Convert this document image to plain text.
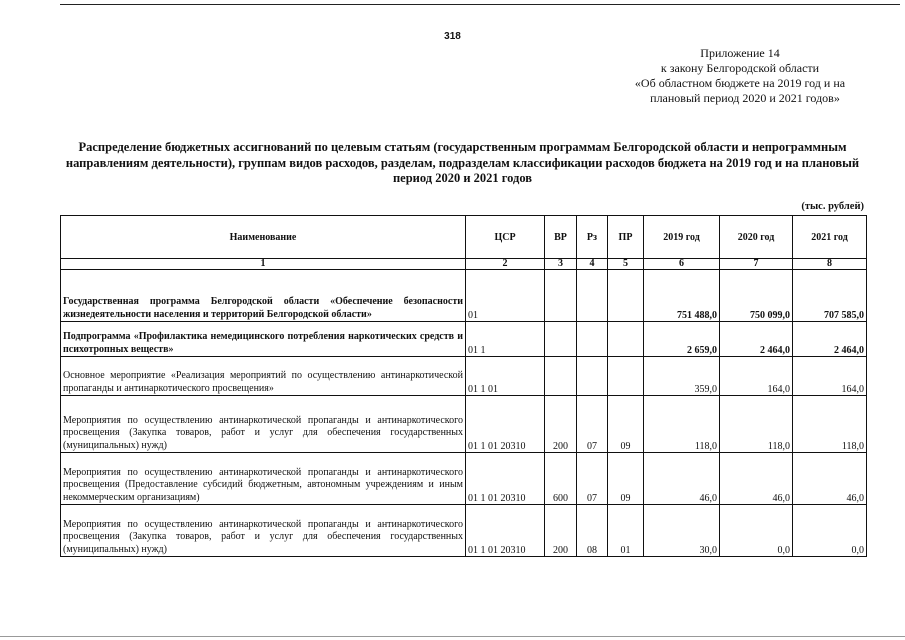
318
Приложение 14
к закону Белгородской области
«Об областном бюджете на 2019 год и на
плановый период 2020 и 2021 годов»
Распределение бюджетных ассигнований по целевым статьям (государственным программам Белгородской области и непрограммным направлениям деятельности), группам видов расходов, разделам, подразделам классификации расходов бюджета на 2019 год и на плановый период 2020 и 2021 годов
(тыс. рублей)
Наименование	ЦСР	ВР	Рз	ПР	2019 год	2020 год	2021 год
1	2	3	4	5	6	7	8
Государственная программа Белгородской области «Обеспечение безопасности жизнедеятельности населения и территорий Белгородской области»	01				751 488,0	750 099,0	707 585,0
Подпрограмма «Профилактика немедицинского потребления наркотических средств и психотропных веществ»	01 1				2 659,0	2 464,0	2 464,0
Основное мероприятие «Реализация мероприятий по осуществлению антинаркотической пропаганды и антинаркотического просвещения»	01 1 01				359,0	164,0	164,0
Мероприятия по осуществлению антинаркотической пропаганды и антинаркотического просвещения (Закупка товаров, работ и услуг для обеспечения государственных (муниципальных) нужд)	01 1 01 20310	200	07	09	118,0	118,0	118,0
Мероприятия по осуществлению антинаркотической пропаганды и антинаркотического просвещения (Предоставление субсидий бюджетным, автономным учреждениям и иным некоммерческим организациям)	01 1 01 20310	600	07	09	46,0	46,0	46,0
Мероприятия по осуществлению антинаркотической пропаганды и антинаркотического просвещения (Закупка товаров, работ и услуг для обеспечения государственных (муниципальных) нужд)	01 1 01 20310	200	08	01	30,0	0,0	0,0
